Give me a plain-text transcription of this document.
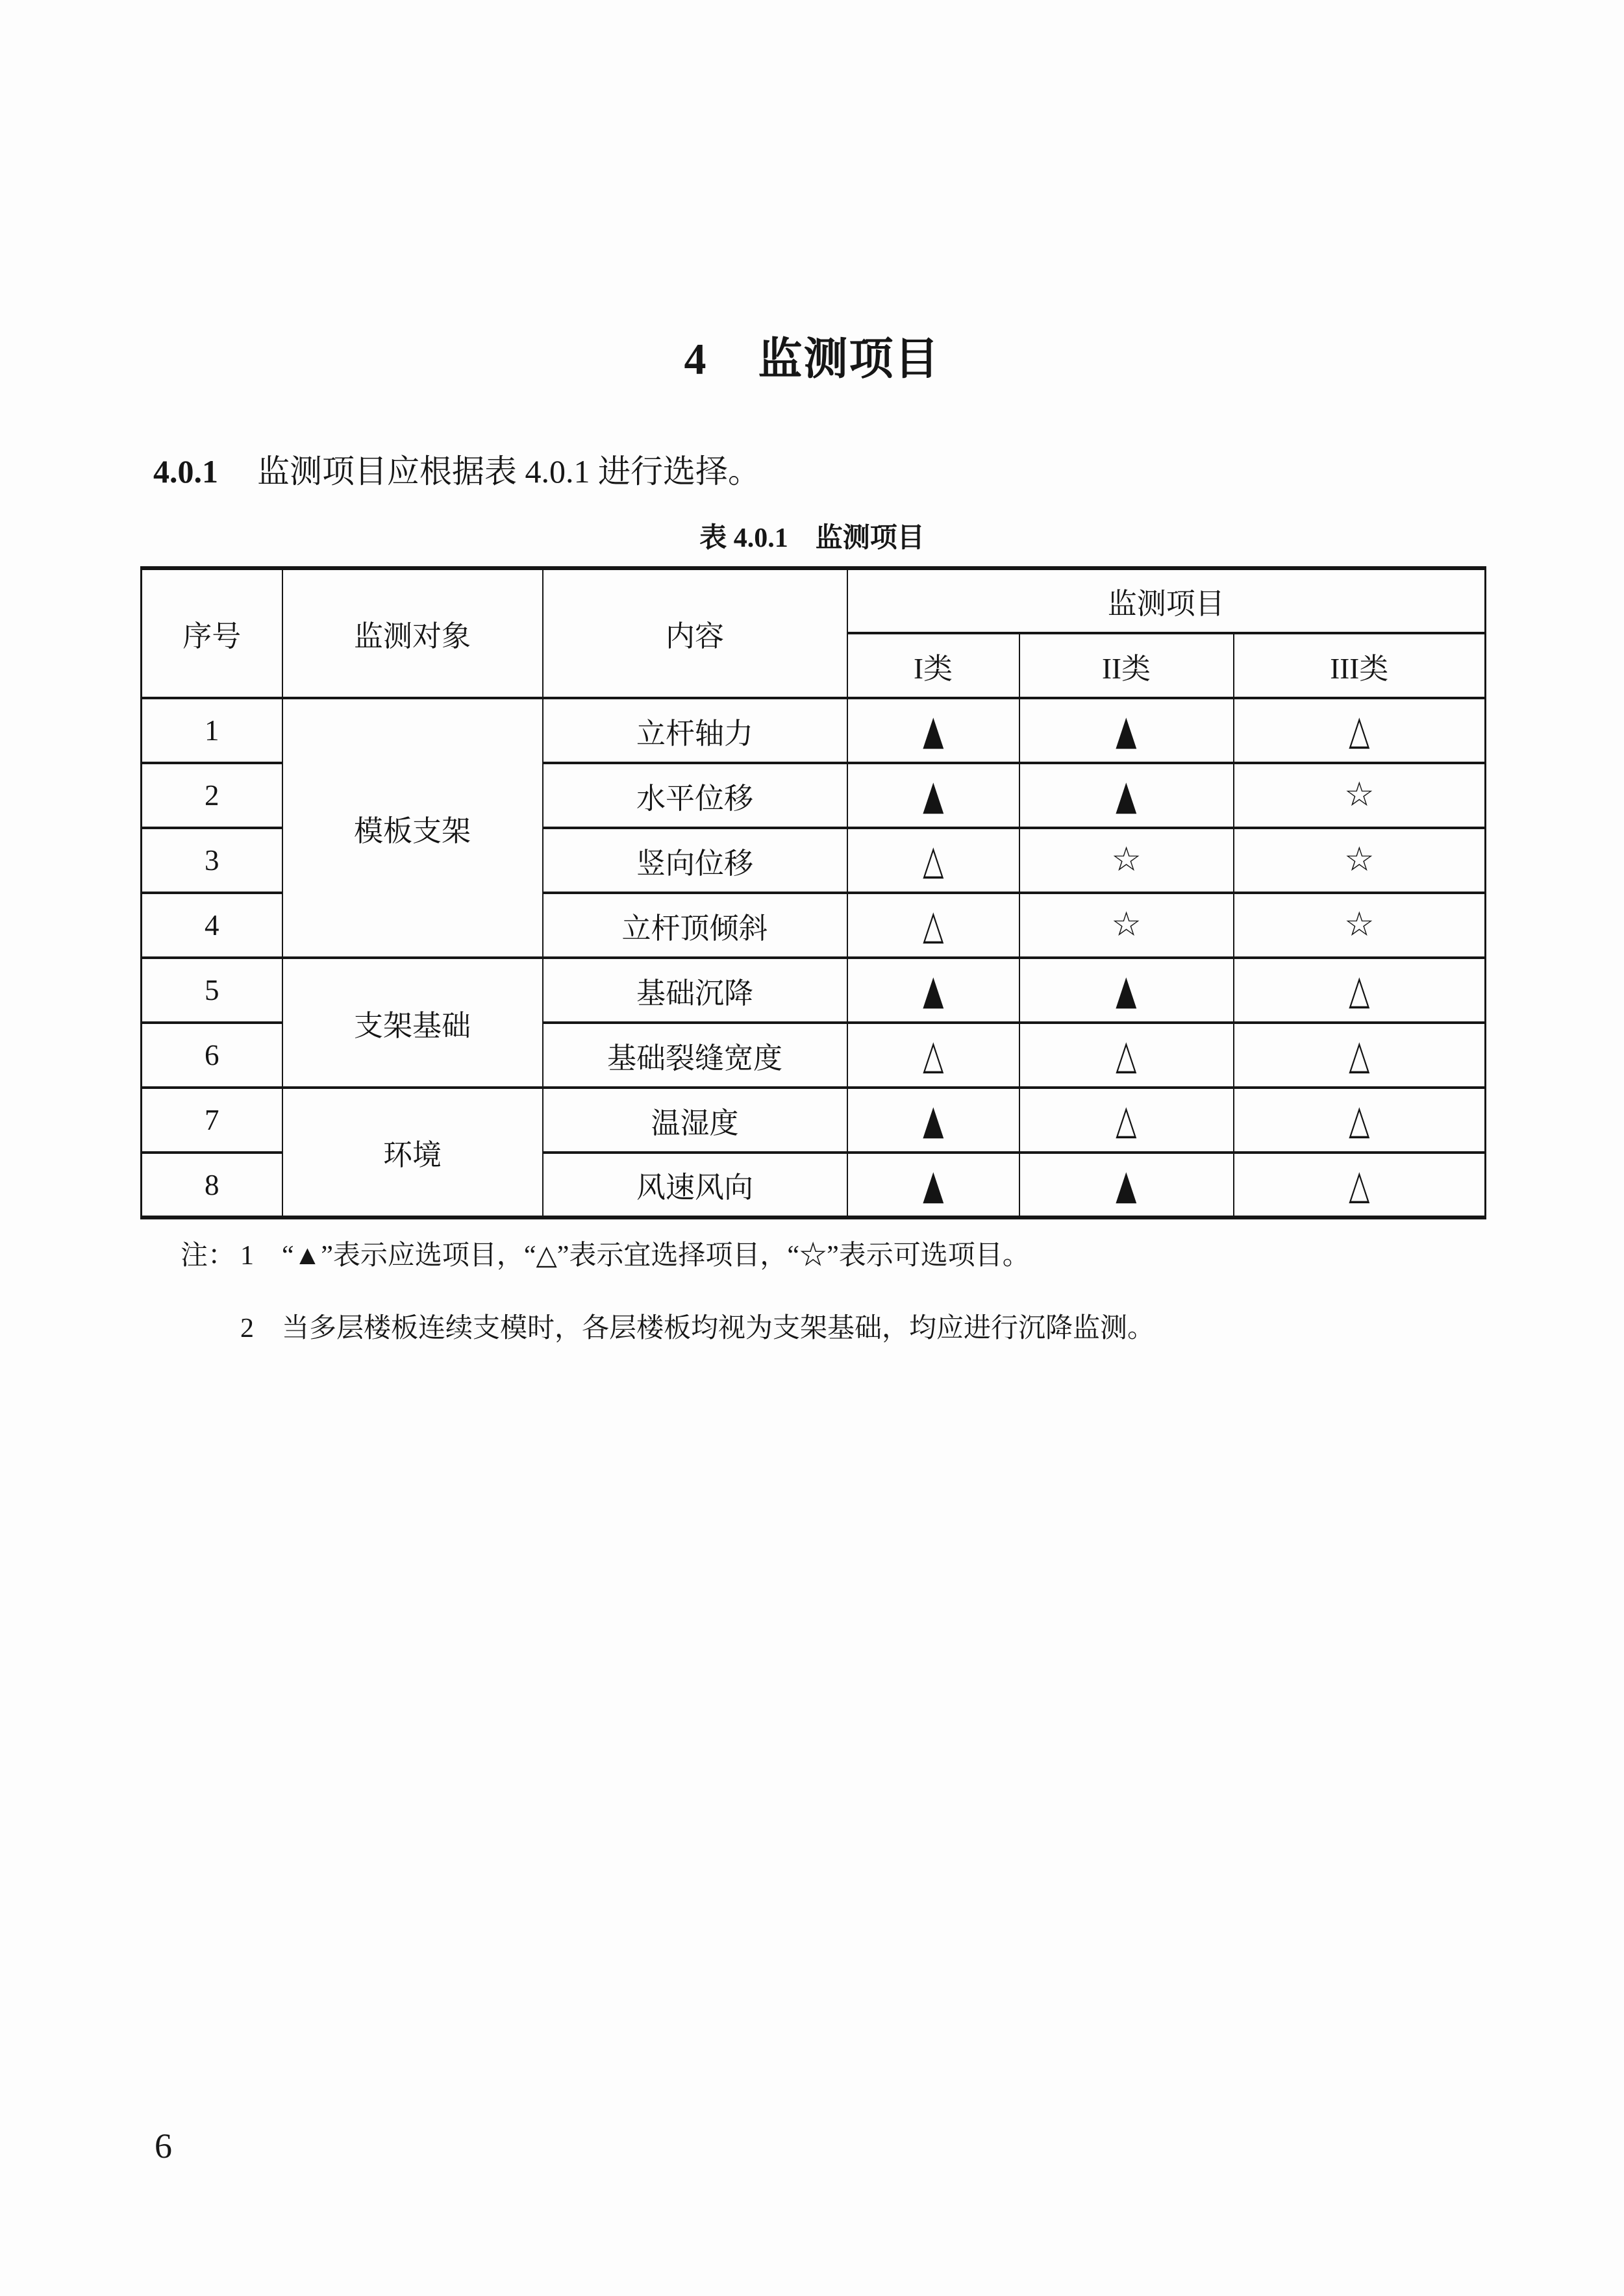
4 监测项目
4.0.1 监测项目应根据表 4.0.1 进行选择。
表 4.0.1 监测项目
序号	监测对象	内容	监测项目		
			I类	II类	III类
1	模板支架	立杆轴力	▲	▲	△
2		水平位移	▲	▲	☆
3		竖向位移	△	☆	☆
4		立杆顶倾斜	△	☆	☆
5	支架基础	基础沉降	▲	▲	△
6		基础裂缝宽度	△	△	△
7	环境	温湿度	▲	△	△
8		风速风向	▲	▲	△
注： 1	“▲”表示应选项目，“△”表示宜选择项目，“☆”表示可选项目。
2	当多层楼板连续支模时，各层楼板均视为支架基础，均应进行沉降监测。
6
